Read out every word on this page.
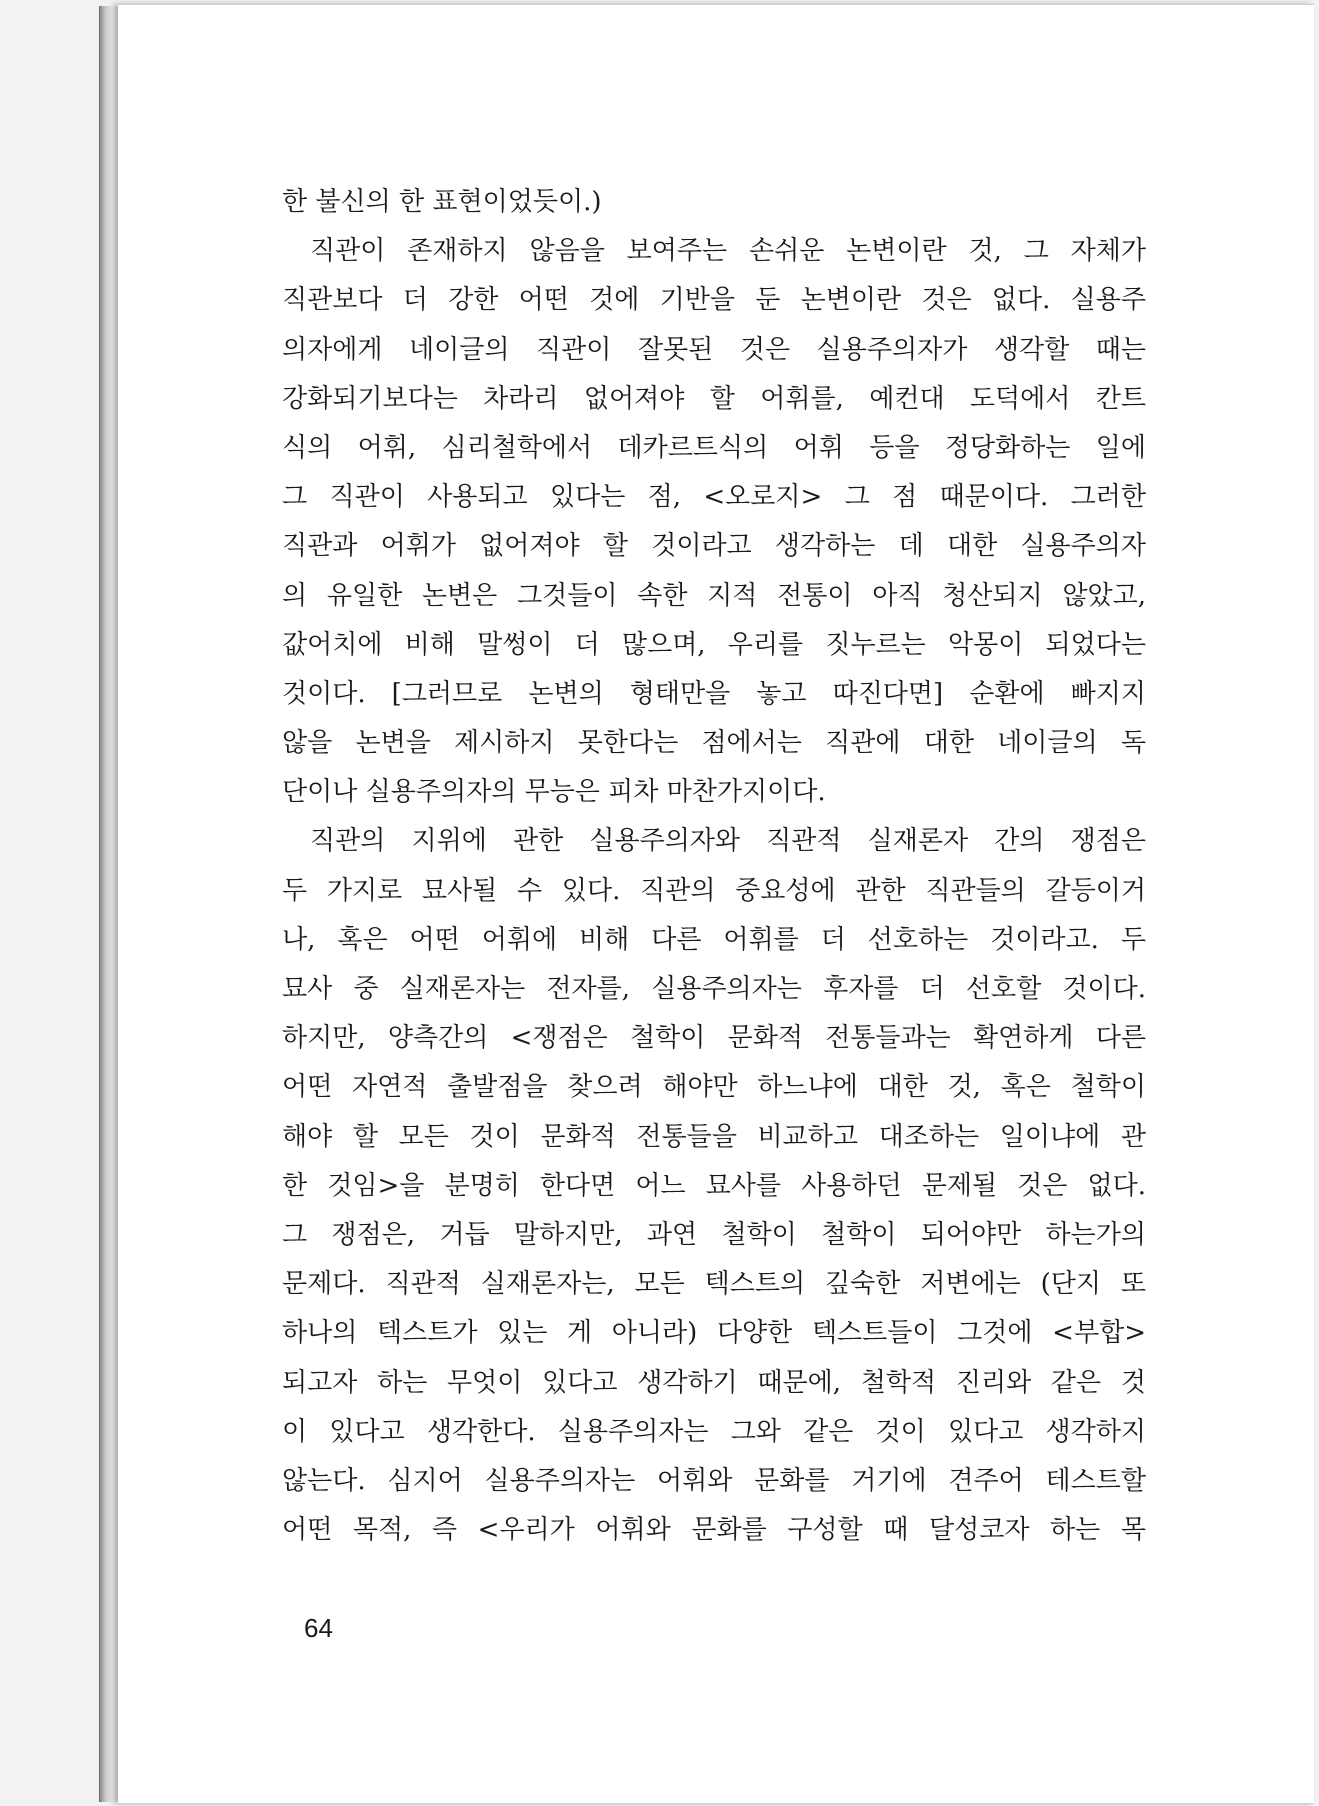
한 불신의 한 표현이었듯이.)
직관이 존재하지 않음을 보여주는 손쉬운 논변이란 것, 그 자체가
직관보다 더 강한 어떤 것에 기반을 둔 논변이란 것은 없다. 실용주
의자에게 네이글의 직관이 잘못된 것은 실용주의자가 생각할 때는
강화되기보다는 차라리 없어져야 할 어휘를, 예컨대 도덕에서 칸트
식의 어휘, 심리철학에서 데카르트식의 어휘 등을 정당화하는 일에
그 직관이 사용되고 있다는 점, <오로지> 그 점 때문이다. 그러한
직관과 어휘가 없어져야 할 것이라고 생각하는 데 대한 실용주의자
의 유일한 논변은 그것들이 속한 지적 전통이 아직 청산되지 않았고,
값어치에 비해 말썽이 더 많으며, 우리를 짓누르는 악몽이 되었다는
것이다. [그러므로 논변의 형태만을 놓고 따진다면] 순환에 빠지지
않을 논변을 제시하지 못한다는 점에서는 직관에 대한 네이글의 독
단이나 실용주의자의 무능은 피차 마찬가지이다.
직관의 지위에 관한 실용주의자와 직관적 실재론자 간의 쟁점은
두 가지로 묘사될 수 있다. 직관의 중요성에 관한 직관들의 갈등이거
나, 혹은 어떤 어휘에 비해 다른 어휘를 더 선호하는 것이라고. 두
묘사 중 실재론자는 전자를, 실용주의자는 후자를 더 선호할 것이다.
하지만, 양측간의 <쟁점은 철학이 문화적 전통들과는 확연하게 다른
어떤 자연적 출발점을 찾으려 해야만 하느냐에 대한 것, 혹은 철학이
해야 할 모든 것이 문화적 전통들을 비교하고 대조하는 일이냐에 관
한 것임>을 분명히 한다면 어느 묘사를 사용하던 문제될 것은 없다.
그 쟁점은, 거듭 말하지만, 과연 철학이 철학이 되어야만 하는가의
문제다. 직관적 실재론자는, 모든 텍스트의 깊숙한 저변에는 (단지 또
하나의 텍스트가 있는 게 아니라) 다양한 텍스트들이 그것에 <부합>
되고자 하는 무엇이 있다고 생각하기 때문에, 철학적 진리와 같은 것
이 있다고 생각한다. 실용주의자는 그와 같은 것이 있다고 생각하지
않는다. 심지어 실용주의자는 어휘와 문화를 거기에 견주어 테스트할
어떤 목적, 즉 <우리가 어휘와 문화를 구성할 때 달성코자 하는 목
64
